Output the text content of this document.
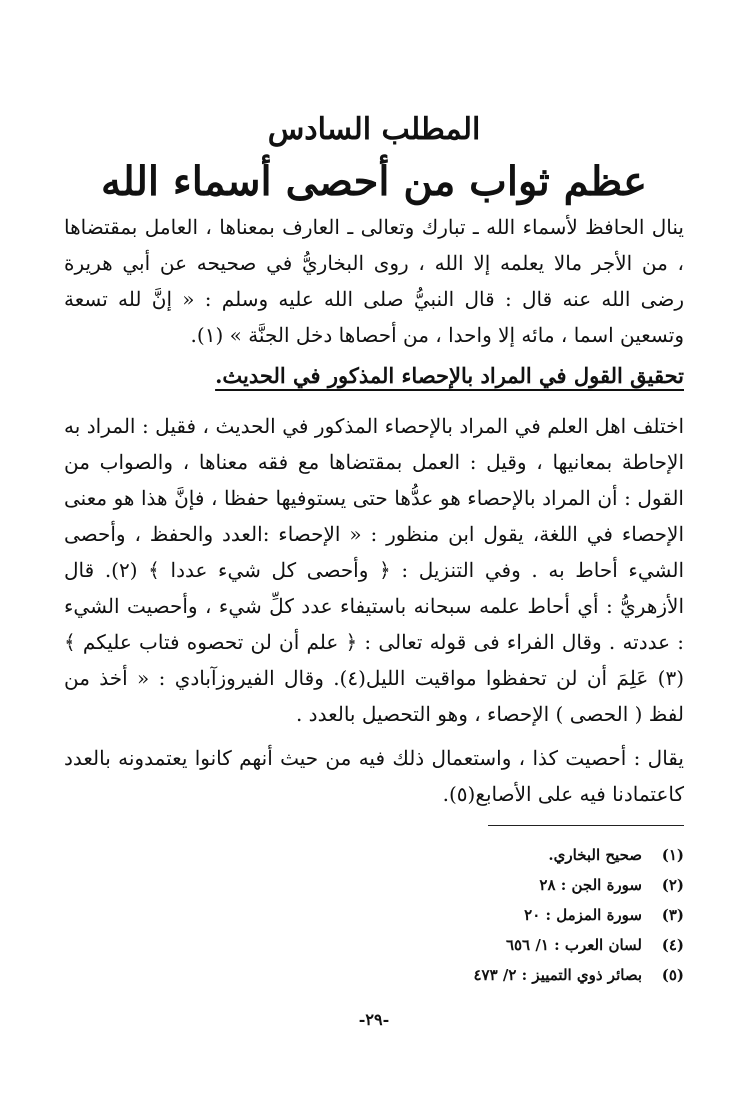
المطلب السادس
عظم ثواب من أحصى أسماء الله

ينال الحافظ لأسماء الله ـ تبارك وتعالى ـ العارف بمعناها ، العامل بمقتضاها ، من الأجر مالا يعلمه إلا الله ، روى البخاريُّ في صحيحه عن أبي هريرة رضى الله عنه قال : قال النبيُّ صلى الله عليه وسلم : « إنَّ لله تسعة وتسعين اسما ، مائه إلا واحدا ، من أحصاها دخل الجنَّة » (١).

تحقيق القول في المراد بالإحصاء المذكور في الحديث.

اختلف اهل العلم في المراد بالإحصاء المذكور في الحديث ، فقيل : المراد به الإحاطة بمعانيها ، وقيل : العمل بمقتضاها مع فقه معناها ، والصواب من القول : أن المراد بالإحصاء هو عدُّها حتى يستوفيها حفظا ، فإنَّ هذا هو معنى الإحصاء في اللغة، يقول ابن منظور : « الإحصاء :العدد والحفظ ، وأحصى الشيء أحاط به . وفي التنزيل : ﴿ وأحصى كل شيء عددا ﴾ (٢). قال الأزهريُّ : أي أحاط علمه سبحانه باستيفاء عدد كلِّ شيء ، وأحصيت الشيء : عددته . وقال الفراء فى قوله تعالى : ﴿ علم أن لن تحصوه فتاب عليكم ﴾ (٣) عَلِمَ أن لن تحفظوا مواقيت الليل(٤). وقال الفيروزآبادي : « أخذ من لفظ ( الحصى ) الإحصاء ، وهو التحصيل بالعدد .

يقال : أحصيت كذا ، واستعمال ذلك فيه من حيث أنهم كانوا يعتمدونه بالعدد كاعتمادنا فيه على الأصابع(٥).

(١)
صحيح البخاري.
(٢)
سورة الجن : ٢٨
(٣)
سورة المزمل : ٢٠
(٤)
لسان العرب : ١/ ٦٥٦
(٥)
بصائر ذوي التمييز : ٢/ ٤٧٣
-٢٩-
